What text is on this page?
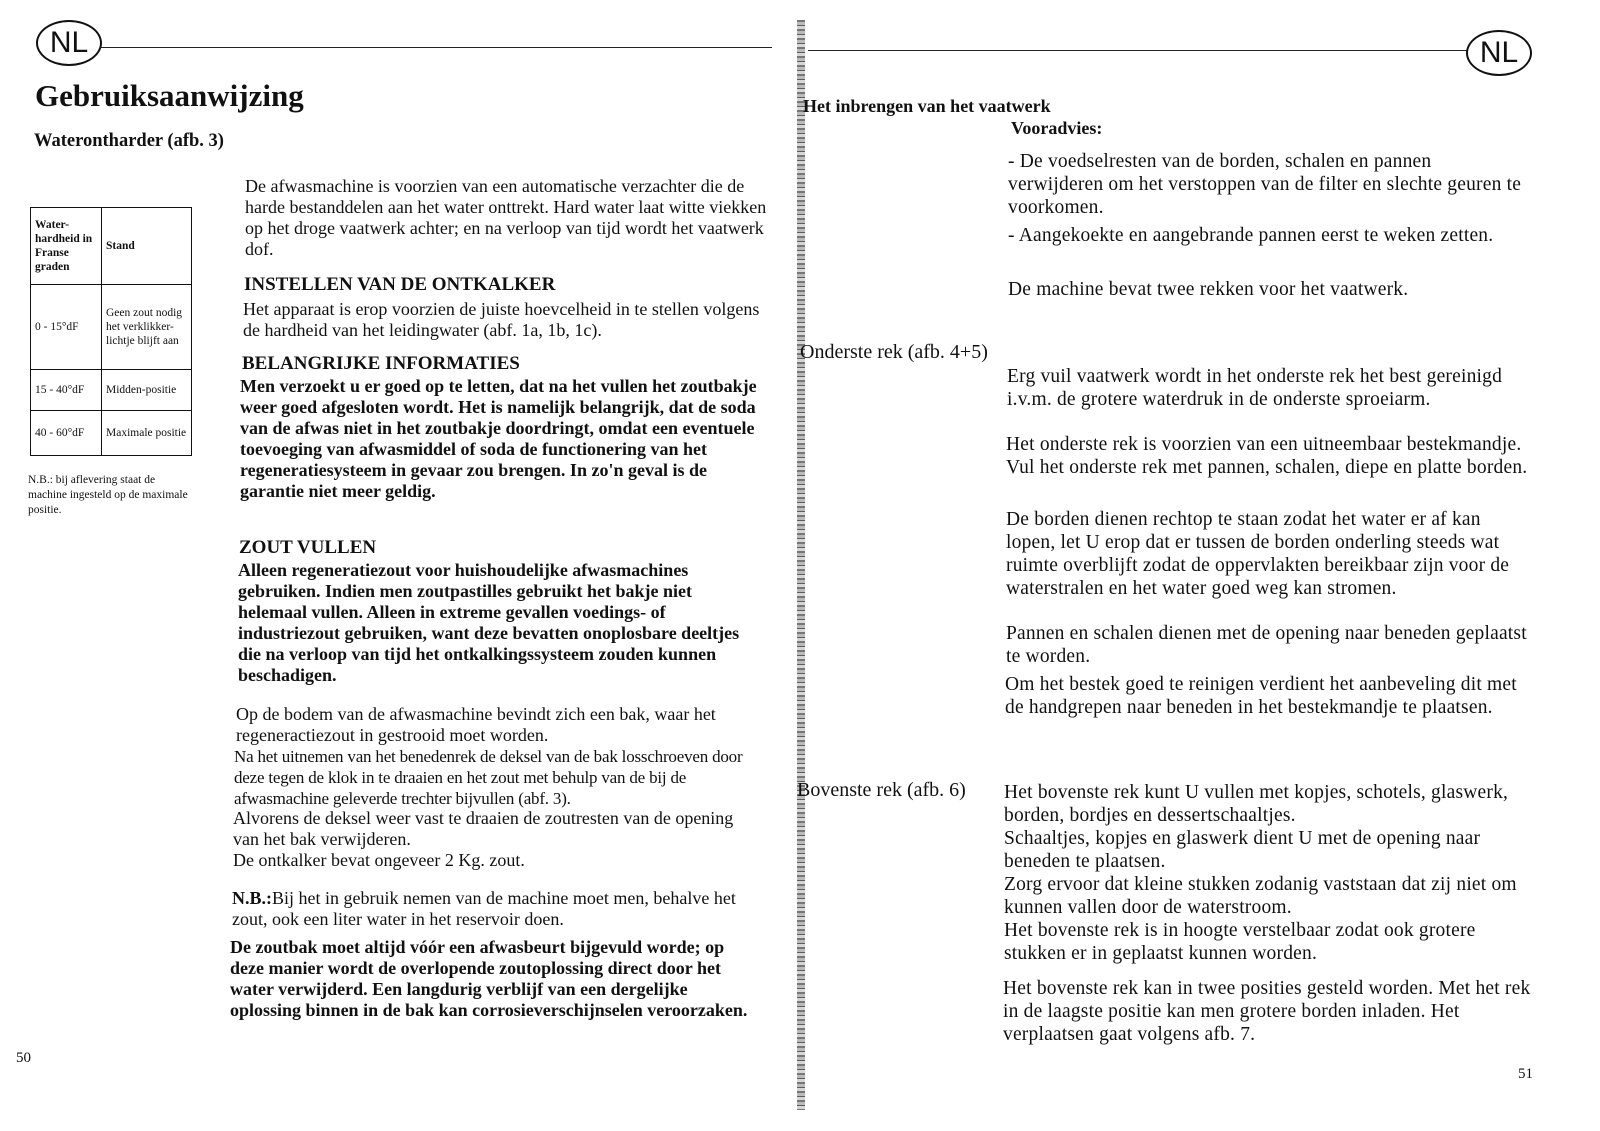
NL
Gebruiksaanwijzing
Waterontharder (afb. 3)
Water-hardheid in Franse graden	Stand
0 - 15°dF	Geen zout nodig het verklikker-lichtje blijft aan
15 - 40°dF	Midden-positie
40 - 60°dF	Maximale positie
N.B.: bij aflevering staat de machine ingesteld op de maximale positie.
De afwasmachine is voorzien van een automatische verzachter die de harde bestanddelen aan het water onttrekt. Hard water laat witte viekken op het droge vaatwerk achter; en na verloop van tijd wordt het vaatwerk dof.
INSTELLEN VAN DE ONTKALKER
Het apparaat is erop voorzien de juiste hoevcelheid in te stellen volgens de hardheid van het leidingwater (abf. 1a, 1b, 1c).
BELANGRIJKE INFORMATIES
Men verzoekt u er goed op te letten, dat na het vullen het zoutbakje weer goed afgesloten wordt. Het is namelijk belangrijk, dat de soda van de afwas niet in het zoutbakje doordringt, omdat een eventuele toevoeging van afwasmiddel of soda de functionering van het regeneratiesysteem in gevaar zou brengen. In zo'n geval is de garantie niet meer geldig.
ZOUT VULLEN
Alleen regeneratiezout voor huishoudelijke afwasmachines gebruiken. Indien men zoutpastilles gebruikt het bakje niet helemaal vullen. Alleen in extreme gevallen voedings- of industriezout gebruiken, want deze bevatten onoplosbare deeltjes die na verloop van tijd het ontkalkingssysteem zouden kunnen beschadigen.
Op de bodem van de afwasmachine bevindt zich een bak, waar het regeneractiezout in gestrooid moet worden.
Na het uitnemen van het benedenrek de deksel van de bak losschroeven door deze tegen de klok in te draaien en het zout met behulp van de bij de afwasmachine geleverde trechter bijvullen (abf. 3).
Alvorens de deksel weer vast te draaien de zoutresten van de opening van het bak verwijderen.
De ontkalker bevat ongeveer 2 Kg. zout.
N.B.:Bij het in gebruik nemen van de machine moet men, behalve het zout, ook een liter water in het reservoir doen.
De zoutbak moet altijd vóór een afwasbeurt bijgevuld worde; op deze manier wordt de overlopende zoutoplossing direct door het water verwijderd. Een langdurig verblijf van een dergelijke oplossing binnen in de bak kan corrosieverschijnselen veroorzaken.
50
NL
Het inbrengen van het vaatwerk
Vooradvies:
- De voedselresten van de borden, schalen en pannen verwijderen om het verstoppen van de filter en slechte geuren te voorkomen.
- Aangekoekte en aangebrande pannen eerst te weken zetten.
De machine bevat twee rekken voor het vaatwerk.
Onderste rek (afb. 4+5)
Erg vuil vaatwerk wordt in het onderste rek het best gereinigd i.v.m. de grotere waterdruk in de onderste sproeiarm.
Het onderste rek is voorzien van een uitneembaar bestekmandje. Vul het onderste rek met pannen, schalen, diepe en platte borden.
De borden dienen rechtop te staan zodat het water er af kan lopen, let U erop dat er tussen de borden onderling steeds wat ruimte overblijft zodat de oppervlakten bereikbaar zijn voor de waterstralen en het water goed weg kan stromen.
Pannen en schalen dienen met de opening naar beneden geplaatst te worden.
Om het bestek goed te reinigen verdient het aanbeveling dit met de handgrepen naar beneden in het bestekmandje te plaatsen.
Bovenste rek (afb. 6) Het bovenste rek kunt U vullen met kopjes, schotels, glaswerk, borden, bordjes en dessertschaaltjes.
Schaaltjes, kopjes en glaswerk dient U met de opening naar beneden te plaatsen.
Zorg ervoor dat kleine stukken zodanig vaststaan dat zij niet om kunnen vallen door de waterstroom.
Het bovenste rek is in hoogte verstelbaar zodat ook grotere stukken er in geplaatst kunnen worden.
Het bovenste rek kan in twee posities gesteld worden. Met het rek in de laagste positie kan men grotere borden inladen. Het verplaatsen gaat volgens afb. 7.
51
